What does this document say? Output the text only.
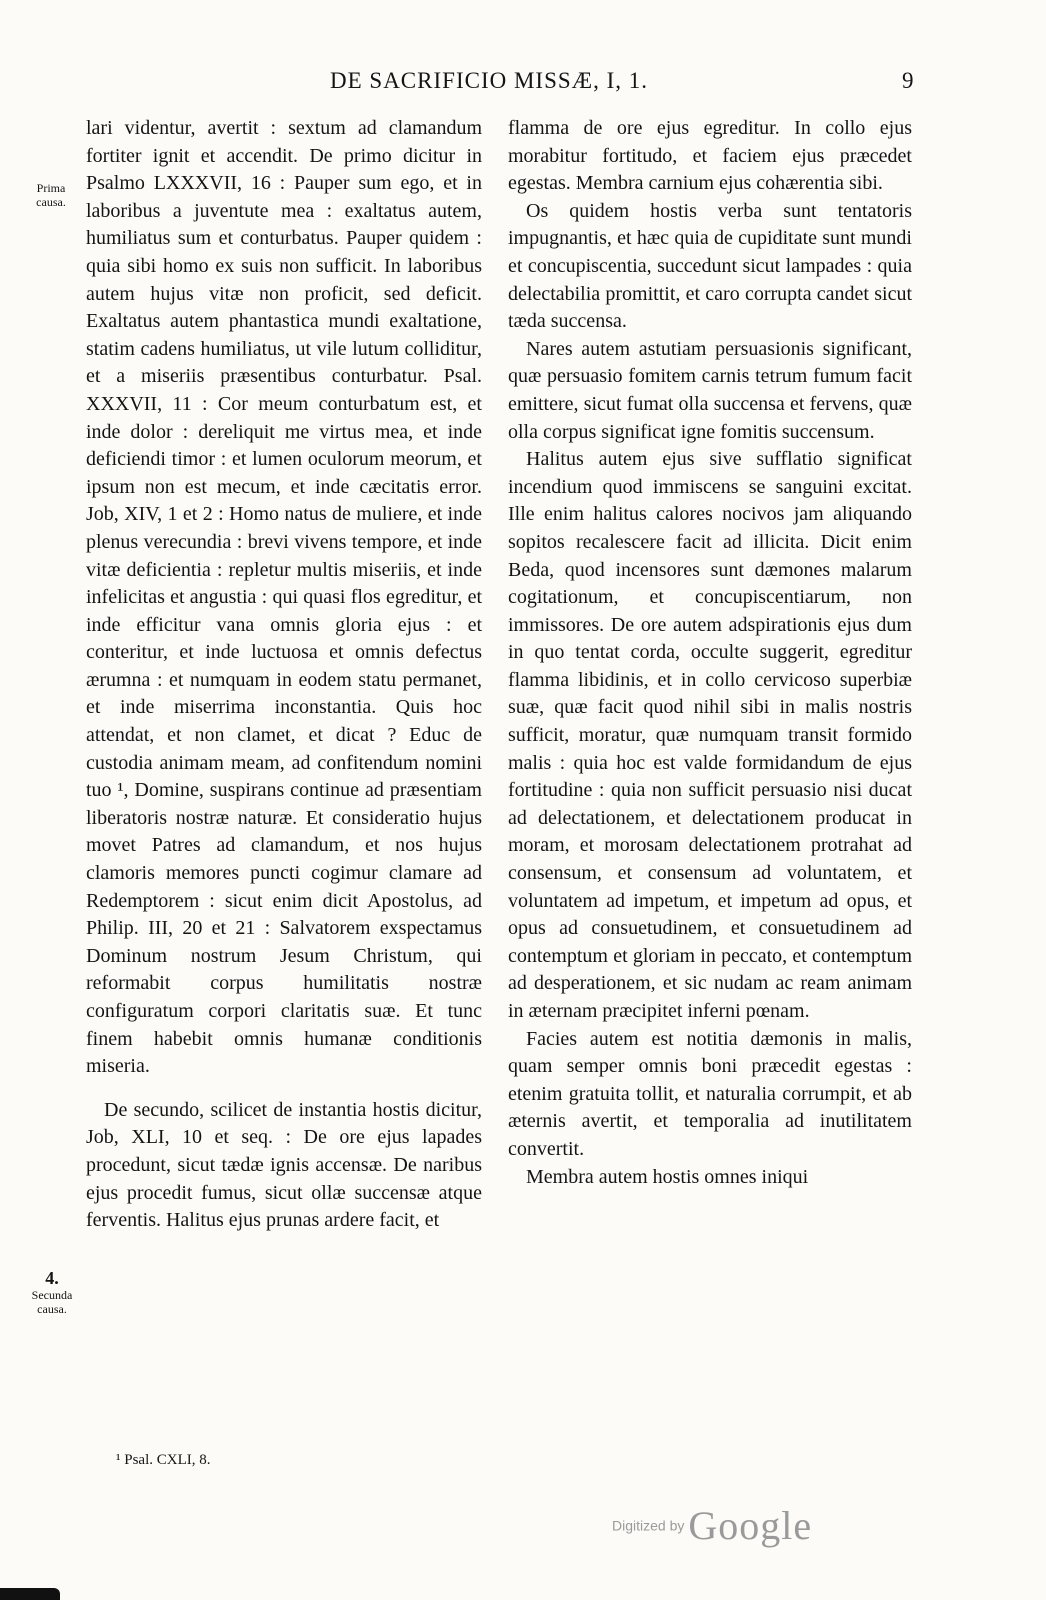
DE SACRIFICIO MISSÆ, I, 1.	9
Prima causa.
4.
Secunda causa.

lari videntur, avertit : sextum ad clamandum fortiter ignit et accendit. De primo dicitur in Psalmo LXXXVII, 16 : Pauper sum ego, et in laboribus a juventute mea : exaltatus autem, humiliatus sum et conturbatus. Pauper quidem : quia sibi homo ex suis non sufficit. In laboribus autem hujus vitæ non proficit, sed deficit. Exaltatus autem phantastica mundi exaltatione, statim cadens humiliatus, ut vile lutum colliditur, et a miseriis præsentibus conturbatur. Psal. XXXVII, 11 : Cor meum conturbatum est, et inde dolor : dereliquit me virtus mea, et inde deficiendi timor : et lumen oculorum meorum, et ipsum non est mecum, et inde cæcitatis error. Job, XIV, 1 et 2 : Homo natus de muliere, et inde plenus verecundia : brevi vivens tempore, et inde vitæ deficientia : repletur multis miseriis, et inde infelicitas et angustia : qui quasi flos egreditur, et inde efficitur vana omnis gloria ejus : et conteritur, et inde luctuosa et omnis defectus ærumna : et numquam in eodem statu permanet, et inde miserrima inconstantia. Quis hoc attendat, et non clamet, et dicat ? Educ de custodia animam meam, ad confitendum nomini tuo ¹, Domine, suspirans continue ad præsentiam liberatoris nostræ naturæ. Et consideratio hujus movet Patres ad clamandum, et nos hujus clamoris memores puncti cogimur clamare ad Redemptorem : sicut enim dicit Apostolus, ad Philip. III, 20 et 21 : Salvatorem exspectamus Dominum nostrum Jesum Christum, qui reformabit corpus humilitatis nostræ configuratum corpori claritatis suæ. Et tunc finem habebit omnis humanæ conditionis miseria.

De secundo, scilicet de instantia hostis dicitur, Job, XLI, 10 et seq. : De ore ejus lapades procedunt, sicut tædæ ignis accensæ. De naribus ejus procedit fumus, sicut ollæ succensæ atque ferventis. Halitus ejus prunas ardere facit, et

flamma de ore ejus egreditur. In collo ejus morabitur fortitudo, et faciem ejus præcedet egestas. Membra carnium ejus cohærentia sibi.

Os quidem hostis verba sunt tentatoris impugnantis, et hæc quia de cupiditate sunt mundi et concupiscentia, succedunt sicut lampades : quia delectabilia promittit, et caro corrupta candet sicut tæda succensa.

Nares autem astutiam persuasionis significant, quæ persuasio fomitem carnis tetrum fumum facit emittere, sicut fumat olla succensa et fervens, quæ olla corpus significat igne fomitis succensum.

Halitus autem ejus sive sufflatio significat incendium quod immiscens se sanguini excitat. Ille enim halitus calores nocivos jam aliquando sopitos recalescere facit ad illicita. Dicit enim Beda, quod incensores sunt dæmones malarum cogitationum, et concupiscentiarum, non immissores. De ore autem adspirationis ejus dum in quo tentat corda, occulte suggerit, egreditur flamma libidinis, et in collo cervicoso superbiæ suæ, quæ facit quod nihil sibi in malis nostris sufficit, moratur, quæ numquam transit formido malis : quia hoc est valde formidandum de ejus fortitudine : quia non sufficit persuasio nisi ducat ad delectationem, et delectationem producat in moram, et morosam delectationem protrahat ad consensum, et consensum ad voluntatem, et voluntatem ad impetum, et impetum ad opus, et opus ad consuetudinem, et consuetudinem ad contemptum et gloriam in peccato, et contemptum ad desperationem, et sic nudam ac ream animam in æternam præcipitet inferni pœnam.

Facies autem est notitia dæmonis in malis, quam semper omnis boni præcedit egestas : etenim gratuita tollit, et naturalia corrumpit, et ab æternis avertit, et temporalia ad inutilitatem convertit.

Membra autem hostis omnes iniqui

¹ Psal. CXLI, 8.
Digitized by Google
